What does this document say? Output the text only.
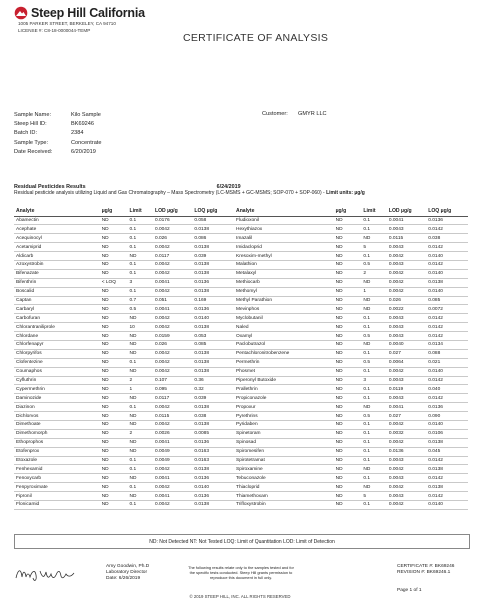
Steep Hill California
1005 PARKER STREET, BERKELEY, CA 94710
LICENSE #: C8-18-0000044-TEMP
CERTIFICATE OF ANALYSIS
Sample Name:	Kilo Sample
Steep Hill ID:	BK69246
Batch ID:	2384
Sample Type:	Concentrate
Date Received:	6/20/2019
Customer: GMYR LLC
Residual Pesticides Results	6/24/2019
Residual pesticide analysis utilizing Liquid and Gas Chromatography – Mass Spectrometry (LC-MSMS + GC-MSMS; SOP-070 + SOP-060) - Limit units: µg/g
Analyte	µg/g	Limit	LOD µg/g	LOQ µg/g	Analyte	µg/g	Limit	LOD µg/g	LOQ µg/g
Abamectin	ND	0.1	0.0176	0.058	Fludioxonil	ND	0.1	0.0041	0.0136
Acephate	ND	0.1	0.0042	0.0138	Hexythiazox	ND	0.1	0.0043	0.0142
Acequinocyl	ND	0.1	0.026	0.086	Imazalil	ND	ND	0.0115	0.038
Acetamiprid	ND	0.1	0.0042	0.0138	Imidacloprid	ND	5	0.0043	0.0142
Aldicarb	ND	ND	0.0117	0.039	Kresoxim-methyl	ND	0.1	0.0042	0.0140
Azoxystrobin	ND	0.1	0.0042	0.0138	Malathion	ND	0.5	0.0043	0.0142
Bifenazate	ND	0.1	0.0042	0.0138	Metalaxyl	ND	2	0.0042	0.0140
Bifenthrin	< LOQ	3	0.0041	0.0136	Methiocarb	ND	ND	0.0042	0.0138
Boscalid	ND	0.1	0.0042	0.0138	Methomyl	ND	1	0.0042	0.0140
Captan	ND	0.7	0.051	0.169	Methyl Parathion	ND	ND	0.026	0.085
Carbaryl	ND	0.5	0.0041	0.0136	Mevinphos	ND	ND	0.0022	0.0072
Carbofuran	ND	ND	0.0042	0.0140	Myclobutanil	ND	0.1	0.0043	0.0142
Chlorantraniliprole	ND	10	0.0042	0.0138	Naled	ND	0.1	0.0043	0.0142
Chlordane	ND	ND	0.0159	0.053	Oxamyl	ND	0.5	0.0043	0.0142
Chlorfenapyr	ND	ND	0.026	0.085	Paclobutrazol	ND	ND	0.0040	0.0134
Chlorpyrifos	ND	ND	0.0042	0.0138	Pentachloronitrobenzene	ND	0.1	0.027	0.088
Clofentezine	ND	0.1	0.0042	0.0138	Permethrin	ND	0.5	0.0064	0.021
Coumaphos	ND	ND	0.0042	0.0138	Phosmet	ND	0.1	0.0042	0.0140
Cyfluthrin	ND	2	0.107	0.36	Piperonyl Butoxide	ND	3	0.0043	0.0142
Cypermethrin	ND	1	0.095	0.32	Prallethrin	ND	0.1	0.0119	0.040
Daminozide	ND	ND	0.0117	0.039	Propiconazole	ND	0.1	0.0043	0.0142
Diazinon	ND	0.1	0.0042	0.0138	Propoxur	ND	ND	0.0041	0.0136
Dichlorvos	ND	ND	0.0115	0.038	Pyrethrins	ND	0.5	0.027	0.090
Dimethoate	ND	ND	0.0042	0.0138	Pyridaben	ND	0.1	0.0042	0.0140
Dimethomorph	ND	2	0.0026	0.0085	Spinetoram	ND	0.1	0.0032	0.0106
Ethoprophos	ND	ND	0.0041	0.0136	Spinosad	ND	0.1	0.0042	0.0138
Etofenprox	ND	ND	0.0049	0.0163	Spiromesifen	ND	0.1	0.0136	0.045
Etoxazole	ND	0.1	0.0049	0.0163	Spirotetramat	ND	0.1	0.0043	0.0142
Fenhexamid	ND	0.1	0.0042	0.0138	Spiroxamine	ND	ND	0.0042	0.0138
Fenoxycarb	ND	ND	0.0041	0.0136	Tebuconazole	ND	0.1	0.0043	0.0142
Fenpyroximate	ND	0.1	0.0042	0.0140	Thiacloprid	ND	ND	0.0042	0.0138
Fipronil	ND	ND	0.0041	0.0136	Thiamethoxam	ND	5	0.0043	0.0142
Flonicamid	ND	0.1	0.0042	0.0138	Trifloxystrobin	ND	0.1	0.0042	0.0140
ND: Not Detected NT: Not Tested LOQ: Limit of Quantitation LOD: Limit of Detection
Amy Goodwin, Ph.D
Laboratory Director
Date: 6/26/2019
The following results relate only to the samples tested and for the specific tests conducted. Steep Hill grants permission to reproduce this document in full only.
CERTIFICATE #: BK69246
REVISION #: BK69246.1
Page 1 of 1
© 2019 STEEP HILL, INC. ALL RIGHTS RESERVED
